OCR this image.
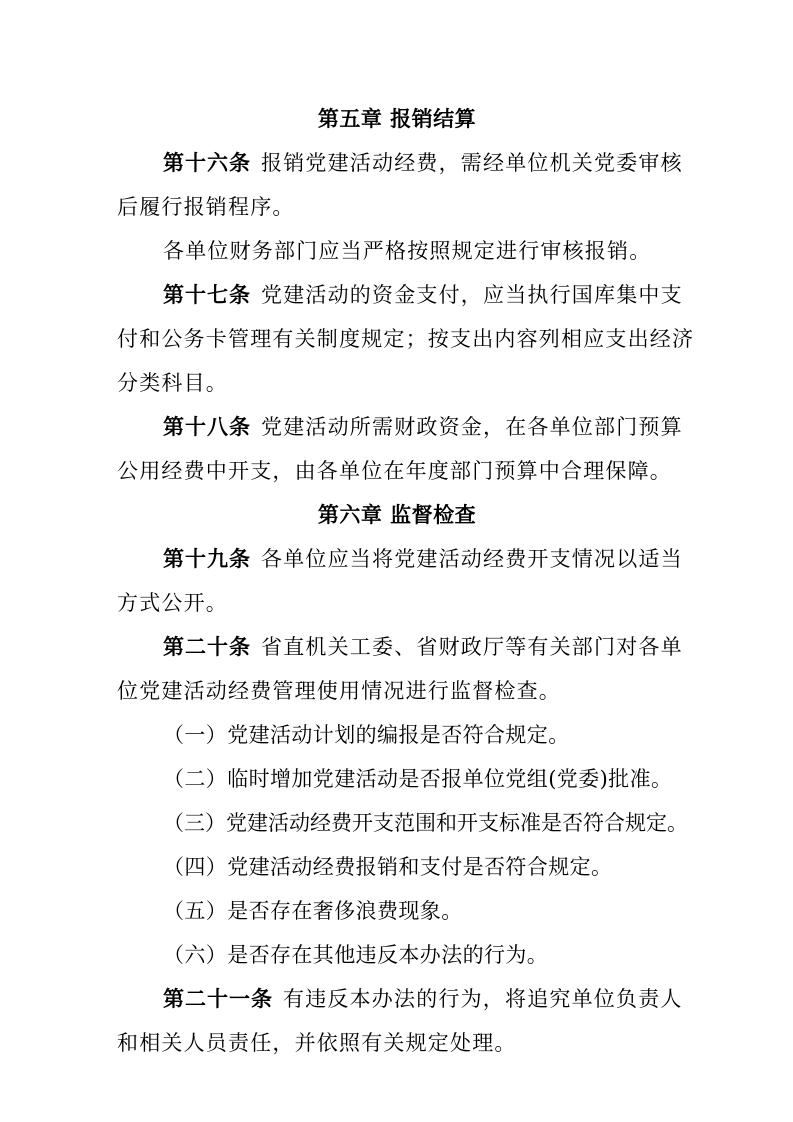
第五章 报销结算
第十六条 报销党建活动经费，需经单位机关党委审核
后履行报销程序。
各单位财务部门应当严格按照规定进行审核报销。
第十七条 党建活动的资金支付，应当执行国库集中支
付和公务卡管理有关制度规定；按支出内容列相应支出经济
分类科目。
第十八条 党建活动所需财政资金，在各单位部门预算
公用经费中开支，由各单位在年度部门预算中合理保障。
第六章 监督检查
第十九条 各单位应当将党建活动经费开支情况以适当
方式公开。
第二十条 省直机关工委、省财政厅等有关部门对各单
位党建活动经费管理使用情况进行监督检查。
（一）党建活动计划的编报是否符合规定。
（二）临时增加党建活动是否报单位党组(党委)批准。
（三）党建活动经费开支范围和开支标准是否符合规定。
（四）党建活动经费报销和支付是否符合规定。
（五）是否存在奢侈浪费现象。
（六）是否存在其他违反本办法的行为。
第二十一条 有违反本办法的行为，将追究单位负责人
和相关人员责任，并依照有关规定处理。
